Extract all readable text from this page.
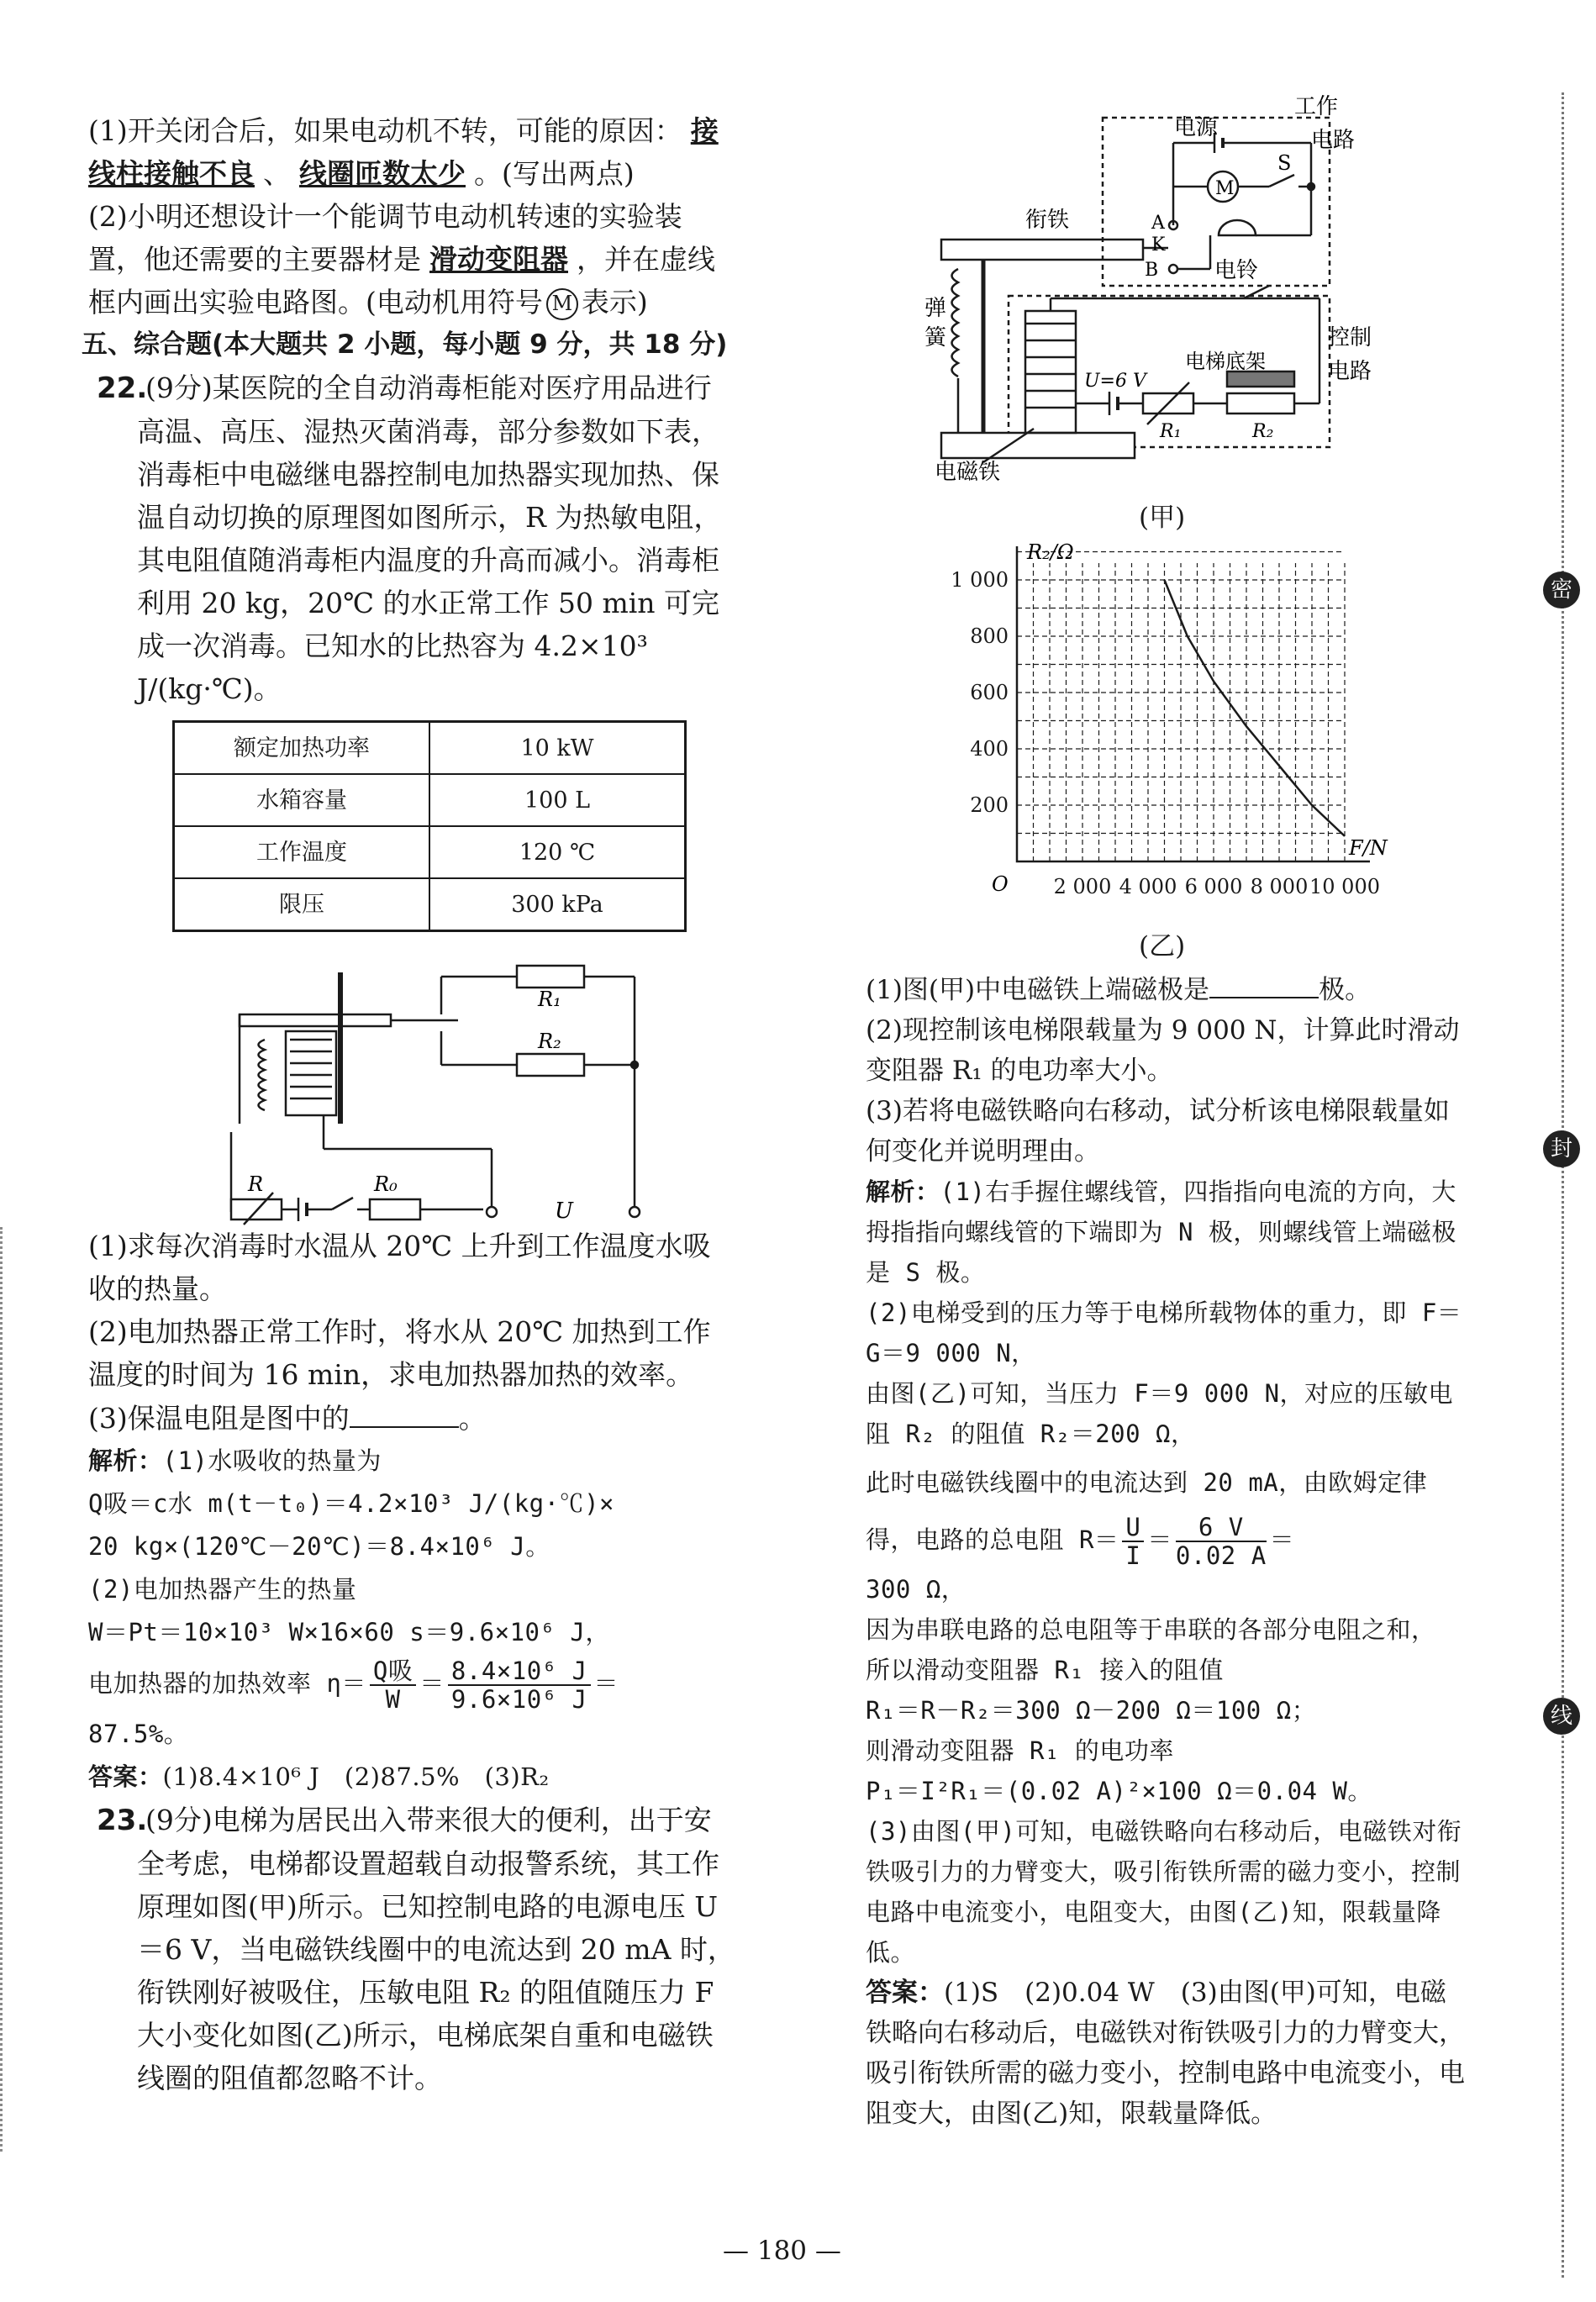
(1)开关闭合后，如果电动机不转，可能的原因： 接线柱接触不良 、 线圈匝数太少 。(写出两点)

(2)小明还想设计一个能调节电动机转速的实验装置，他还需要的主要器材是 滑动变阻器 ，并在虚线框内画出实验电路图。(电动机用符号 M 表示)

五、综合题(本大题共 2 小题，每小题 9 分，共 18 分)

22.(9分)某医院的全自动消毒柜能对医疗用品进行高温、高压、湿热灭菌消毒，部分参数如下表，消毒柜中电磁继电器控制电加热器实现加热、保温自动切换的原理图如图所示，R 为热敏电阻，其电阻值随消毒柜内温度的升高而减小。消毒柜利用 20 kg，20℃ 的水正常工作 50 min 可完成一次消毒。已知水的比热容为 4.2×10³ J/(kg·℃)。

额定加热功率	10 kW
水箱容量	100 L
工作温度	120 ℃
限压	300 kPa
R₁
R₂
R	R₀
U

(1)求每次消毒时水温从 20℃ 上升到工作温度水吸收的热量。

(2)电加热器正常工作时，将水从 20℃ 加热到工作温度的时间为 16 min，求电加热器加热的效率。

(3)保温电阻是图中的	。

解析：(1)水吸收的热量为

Q吸＝c水 m(t－t₀)＝4.2×10³ J/(kg·℃)×

20 kg×(120℃－20℃)＝8.4×10⁶ J。

(2)电加热器产生的热量

W＝Pt＝10×10³ W×16×60 s＝9.6×10⁶ J，

电加热器的加热效率 $\eta= \frac{\text{Q吸}}{W} = \frac{\text{8.4×10⁶ J}}{\text{9.6×10⁶ J}}$ ＝

87.5%。

答案：(1)8.4×10⁶ J　(2)87.5%　(3)R₂

23.(9分)电梯为居民出入带来很大的便利，出于安全考虑，电梯都设置超载自动报警系统，其工作原理如图(甲)所示。已知控制电路的电源电压 U＝6 V，当电磁铁线圈中的电流达到 20 mA 时，衔铁刚好被吸住，压敏电阻 R₂ 的阻值随压力 F 大小变化如图(乙)所示，电梯底架自重和电磁铁线圈的阻值都忽略不计。

电源
工作
电路
衔铁	A
K
B	电铃
S
M
弹
簧	控制
电路
电梯底架
U=6 V
R₁	R₂
电磁铁
(甲)
200
400
600
800
1 000
2 000 4 000 6 000 8 000 10 000
R₂/Ω
F/N
O
(乙)

(1)图(甲)中电磁铁上端磁极是	极。

(2)现控制该电梯限载量为 9 000 N，计算此时滑动变阻器 R₁ 的电功率大小。

(3)若将电磁铁略向右移动，试分析该电梯限载量如何变化并说明理由。

解析：(1)右手握住螺线管，四指指向电流的方向，大拇指指向螺线管的下端即为 N 极，则螺线管上端磁极是 S 极。

(2)电梯受到的压力等于电梯所载物体的重力，即 F＝G＝9 000 N，

由图(乙)可知，当压力 F＝9 000 N，对应的压敏电阻 R₂ 的阻值 R₂＝200 Ω，

此时电磁铁线圈中的电流达到 20 mA，由欧姆定律得，电路的总电阻 $R= \frac{U}{I} = \frac{6 V}{0.02 A}$ ＝

300 Ω，

因为串联电路的总电阻等于串联的各部分电阻之和，

所以滑动变阻器 R₁ 接入的阻值

R₁＝R－R₂＝300 Ω－200 Ω＝100 Ω；

则滑动变阻器 R₁ 的电功率

P₁＝I²R₁＝(0.02 A)²×100 Ω＝0.04 W。

(3)由图(甲)可知，电磁铁略向右移动后，电磁铁对衔铁吸引力的力臂变大，吸引衔铁所需的磁力变小，控制电路中电流变小，电阻变大，由图(乙)知，限载量降低。

答案：(1)S　(2)0.04 W　(3)由图(甲)可知，电磁铁略向右移动后，电磁铁对衔铁吸引力的力臂变大，吸引衔铁所需的磁力变小，控制电路中电流变小，电阻变大，由图(乙)知，限载量降低。

密
封
线
— 180 —
